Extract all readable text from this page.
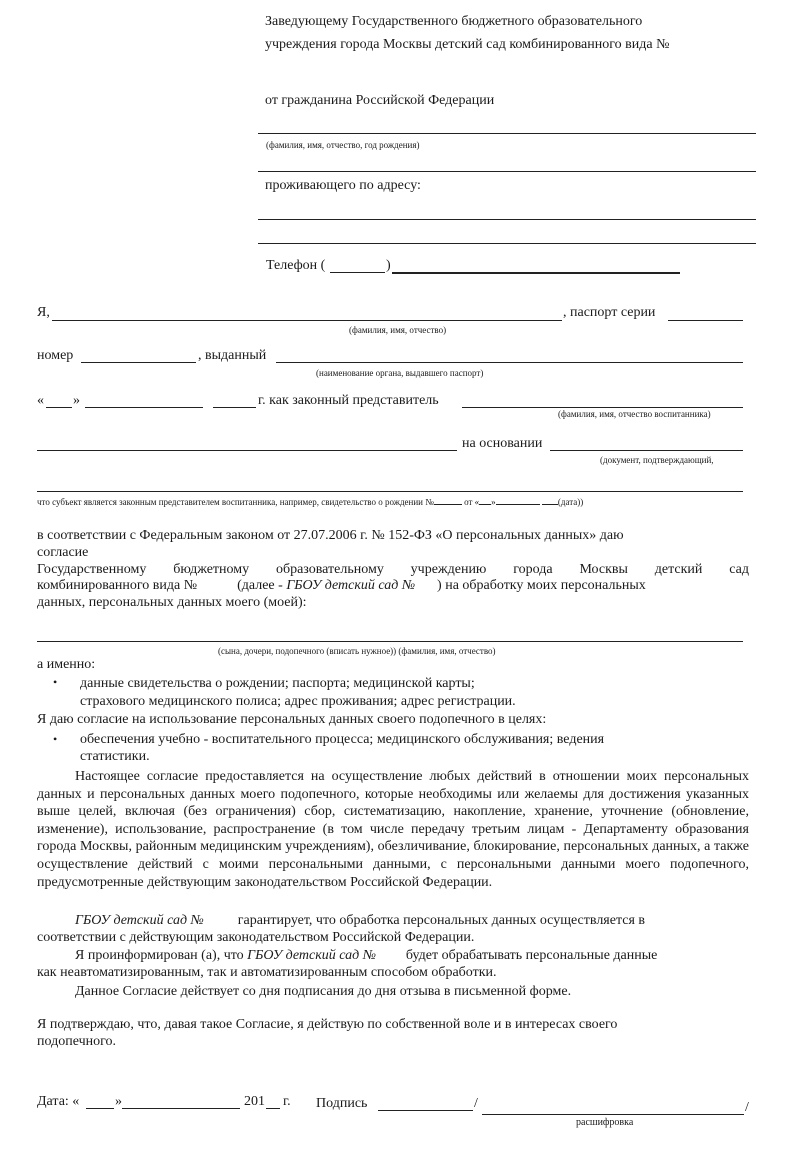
Заведующему Государственного бюджетного образовательного
учреждения города Москвы детский сад комбинированного вида №
от гражданина Российской Федерации
(фамилия, имя, отчество, год рождения)
проживающего по адресу:
Телефон (	)
Я,	, паспорт серии
(фамилия, имя, отчество)
номер	, выданный
(наименование органа, выдавшего паспорт)
« »	г. как законный представитель
(фамилия, имя, отчество воспитанника)
на основании
(документ, подтверждающий,
что субъект является законным представителем воспитанника, например, свидетельство о рождении №	от « »	(дата))
в соответствии с Федеральным законом от 27.07.2006 г. № 152-ФЗ «О персональных данных» даю
согласие
Государственному бюджетному образовательному учреждению города Москвы детский сад
комбинированного вида №	(далее - ГБОУ детский сад № ) на обработку моих персональных
данных, персональных данных моего (моей):
(сына, дочери, подопечного (вписать нужное)) (фамилия, имя, отчество)
а именно:
• данные свидетельства о рождении; паспорта; медицинской карты;
страхового медицинского полиса; адрес проживания; адрес регистрации.
Я даю согласие на использование персональных данных своего подопечного в целях:
• обеспечения учебно - воспитательного процесса; медицинского обслуживания; ведения
статистики.
Настоящее согласие предоставляется на осуществление любых действий в отношении моих персональных данных и персональных данных моего подопечного, которые необходимы или желаемы для достижения указанных выше целей, включая (без ограничения) сбор, систематизацию, накопление, хранение, уточнение (обновление, изменение), использование, распространение (в том числе передачу третьим лицам - Департаменту образования города Москвы, районным медицинским учреждениям), обезличивание, блокирование, персональных данных, а также осуществление действий с моими персональными данными, с персональными данными моего подопечного, предусмотренные действующим законодательством Российской Федерации.
ГБОУ детский сад № гарантирует, что обработка персональных данных осуществляется в
соответствии с действующим законодательством Российской Федерации.
Я проинформирован (а), что ГБОУ детский сад № будет обрабатывать персональные данные
как неавтоматизированным, так и автоматизированным способом обработки.
Данное Согласие действует со дня подписания до дня отзыва в письменной форме.
Я подтверждаю, что, давая такое Согласие, я действую по собственной воле и в интересах своего
подопечного.
Дата: «	»	201 г. Подпись	/	/
расшифровка
